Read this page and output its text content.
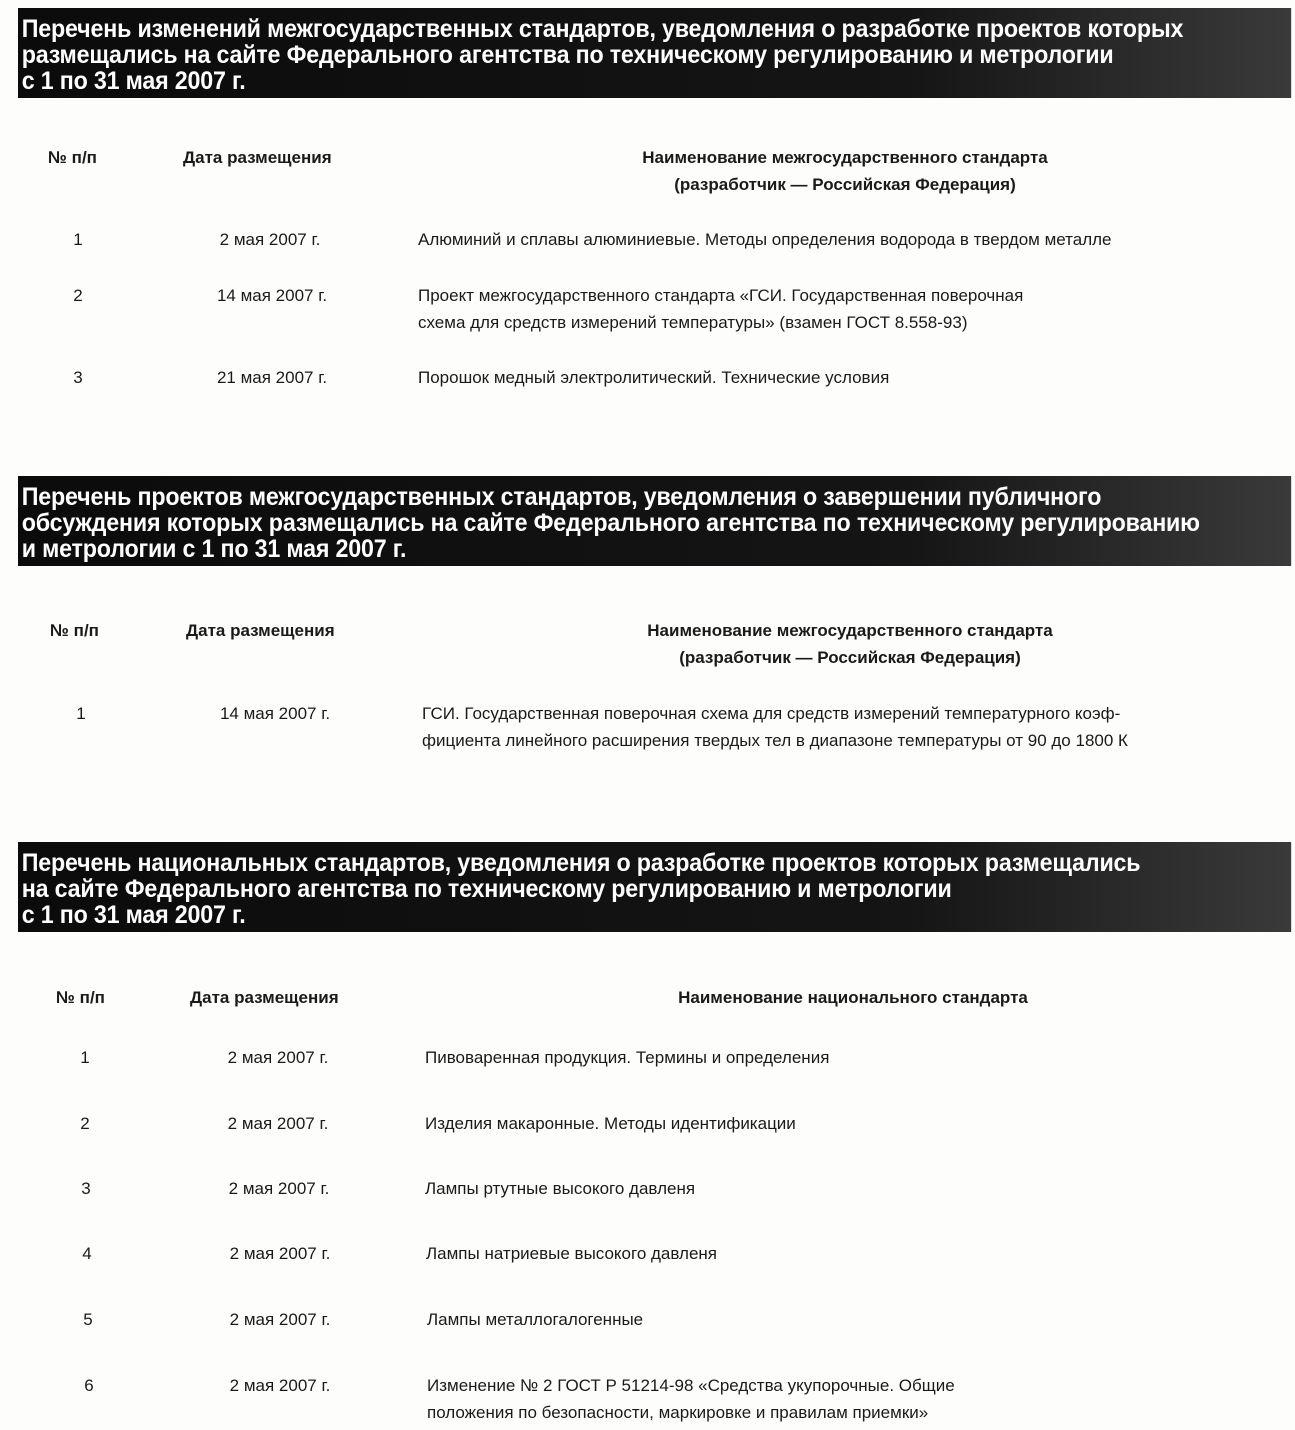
Перечень изменений межгосударственных стандартов, уведомления о разработке проектов которых
размещались на сайте Федерального агентства по техническому регулированию и метрологии
с 1 по 31 мая 2007 г.
№ п/п	Дата размещения	Наименование межгосударственного стандарта
(разработчик — Российская Федерация)
1	2 мая 2007 г.	Алюминий и сплавы алюминиевые. Методы определения водорода в твердом металле
2	14 мая 2007 г.	Проект межгосударственного стандарта «ГСИ. Государственная поверочная
схема для средств измерений температуры» (взамен ГОСТ 8.558-93)
3	21 мая 2007 г.	Порошок медный электролитический. Технические условия
Перечень проектов межгосударственных стандартов, уведомления о завершении публичного
обсуждения которых размещались на сайте Федерального агентства по техническому регулированию
и метрологии с 1 по 31 мая 2007 г.
№ п/п	Дата размещения	Наименование межгосударственного стандарта
(разработчик — Российская Федерация)
1	14 мая 2007 г.	ГСИ. Государственная поверочная схема для средств измерений температурного коэф-
фициента линейного расширения твердых тел в диапазоне температуры от 90 до 1800 К
Перечень национальных стандартов, уведомления о разработке проектов которых размещались
на сайте Федерального агентства по техническому регулированию и метрологии
с 1 по 31 мая 2007 г.
№ п/п	Дата размещения	Наименование национального стандарта
1	2 мая 2007 г.	Пивоваренная продукция. Термины и определения
2	2 мая 2007 г.	Изделия макаронные. Методы идентификации
3	2 мая 2007 г.	Лампы ртутные высокого давленя
4	2 мая 2007 г.	Лампы натриевые высокого давленя
5	2 мая 2007 г.	Лампы металлогалогенные
6	2 мая 2007 г.	Изменение № 2 ГОСТ Р 51214-98 «Средства укупорочные. Общие
положения по безопасности, маркировке и правилам приемки»
